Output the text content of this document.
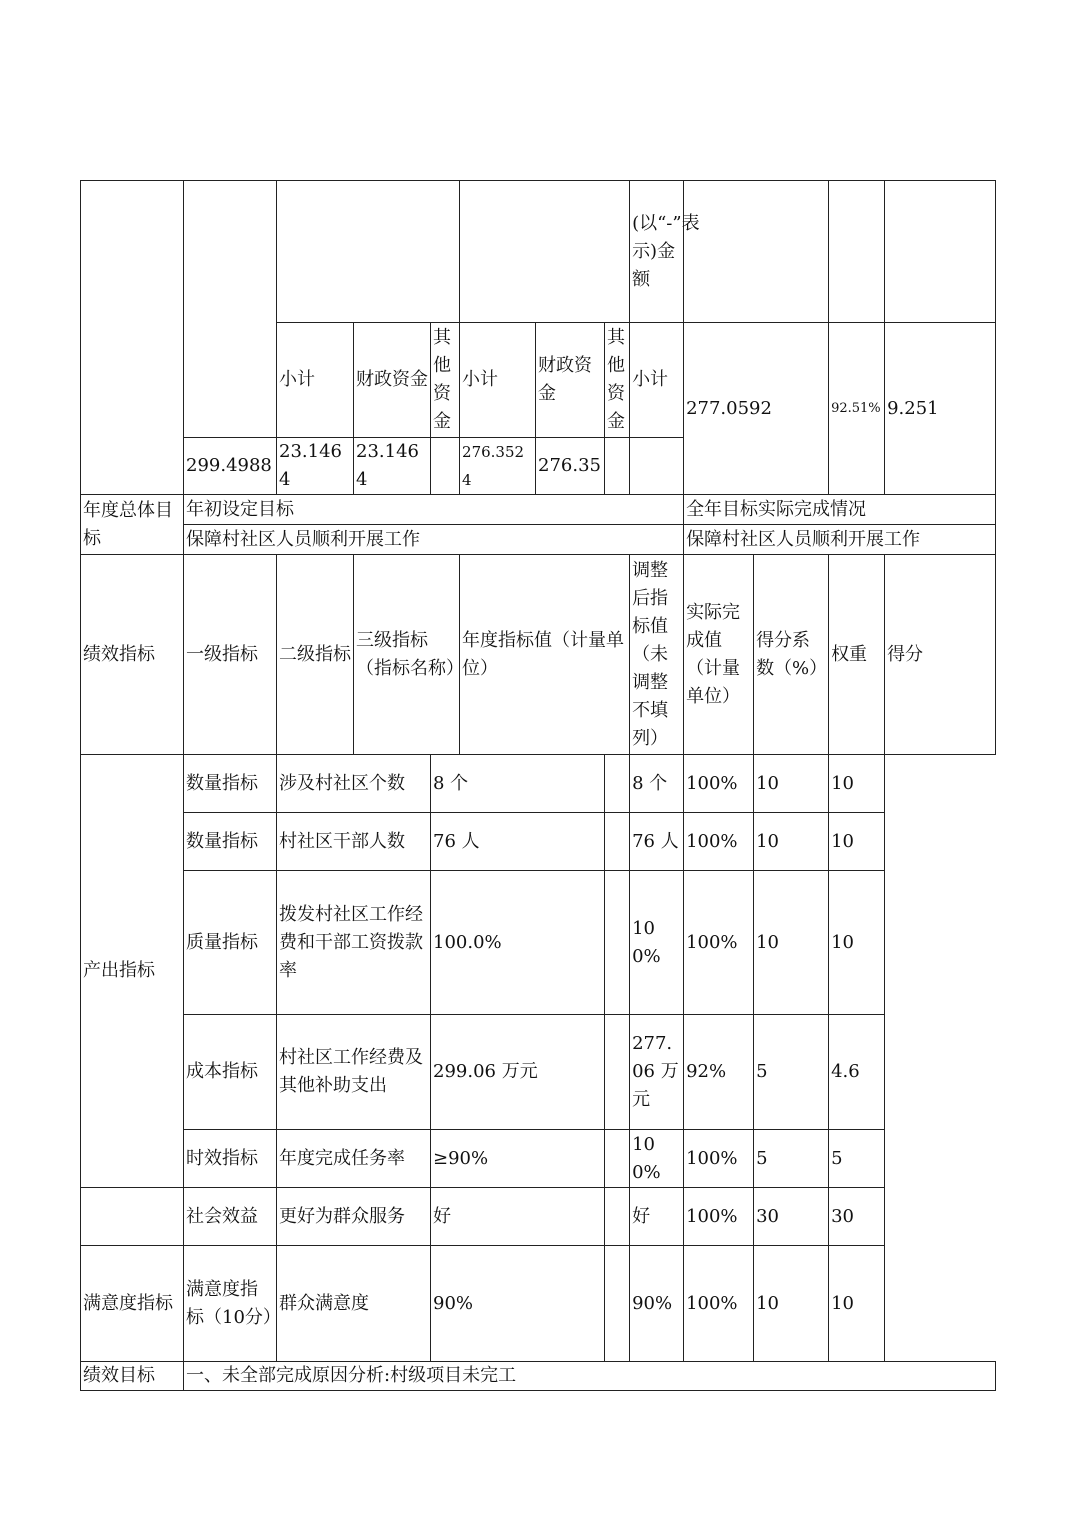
								(以“-”表示)金额				
		小计	财政资金	其他资金	小计	财政资金	其他资金	小计	277.0592		92.51%	9.251
	299.4988	23.1464	23.1464		276.3524	276.35						
年度总体目标	年初设定目标								全年目标实际完成情况			
	保障村社区人员顺利开展工作								保障村社区人员顺利开展工作			
绩效指标	一级指标	二级指标	三级指标（指标名称）		年度指标值（计量单位）			调整后指标值（未调整不填列）	实际完成值（计量单位）	得分系数（%）	权重	得分
产出指标	数量指标	涉及村社区个数		8 个				8 个	100%	10	10	
	数量指标	村社区干部人数		76 人				76 人	100%	10	10	
	质量指标	拨发村社区工作经费和干部工资拨款率		100.0%				100%	100%	10	10	
	成本指标	村社区工作经费及其他补助支出		299.06 万元				277.06 万元	92%	5	4.6	
	时效指标	年度完成任务率		≥90%				100%	100%	5	5	
	社会效益	更好为群众服务		好				好	100%	30	30	
满意度指标	满意度指标（10分）	群众满意度		90%				90%	100%	10	10	
绩效目标	一、未全部完成原因分析:村级项目未完工											
